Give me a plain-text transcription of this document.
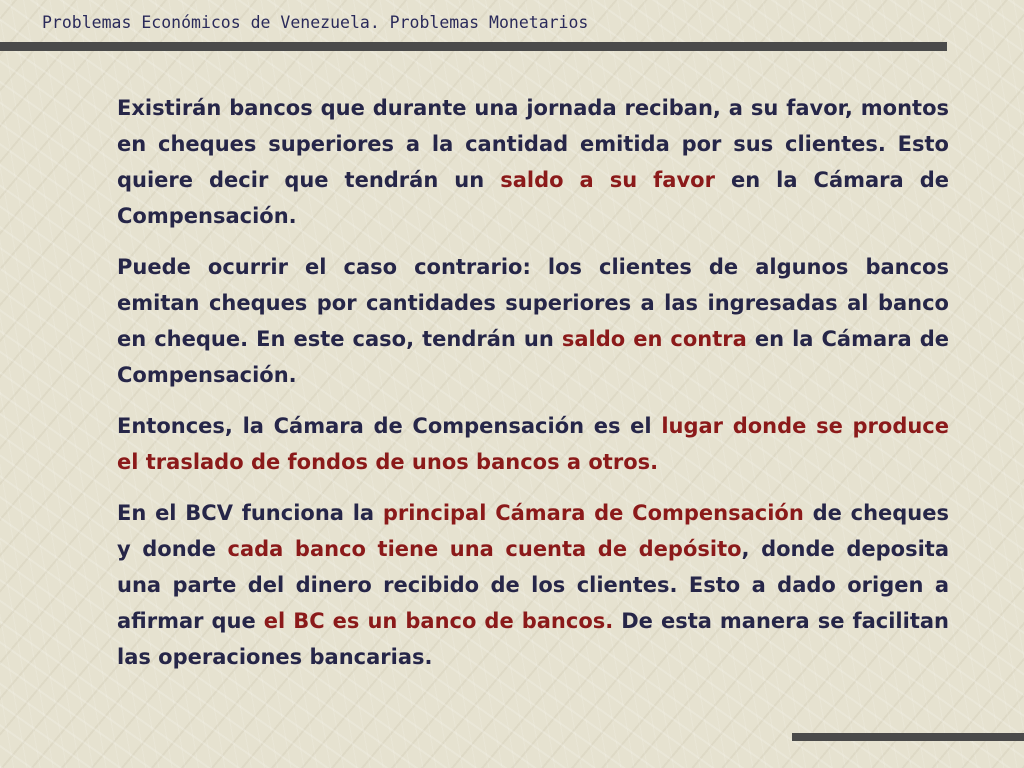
Problemas Económicos de Venezuela. Problemas Monetarios

Existirán bancos que durante una jornada reciban, a su favor, montos en cheques superiores a la cantidad emitida por sus clientes. Esto quiere decir que tendrán un saldo a su favor en la Cámara de Compensación.

Puede ocurrir el caso contrario: los clientes de algunos bancos emitan cheques por cantidades superiores a las ingresadas al banco en cheque. En este caso, tendrán un saldo en contra en la Cámara de Compensación.

Entonces, la Cámara de Compensación es el lugar donde se produce el traslado de fondos de unos bancos a otros.

En el BCV funciona la principal Cámara de Compensación de cheques y donde cada banco tiene una cuenta de depósito, donde deposita una parte del dinero recibido de los clientes. Esto a dado origen a afirmar que el BC es un banco de bancos. De esta manera se facilitan las operaciones bancarias.
